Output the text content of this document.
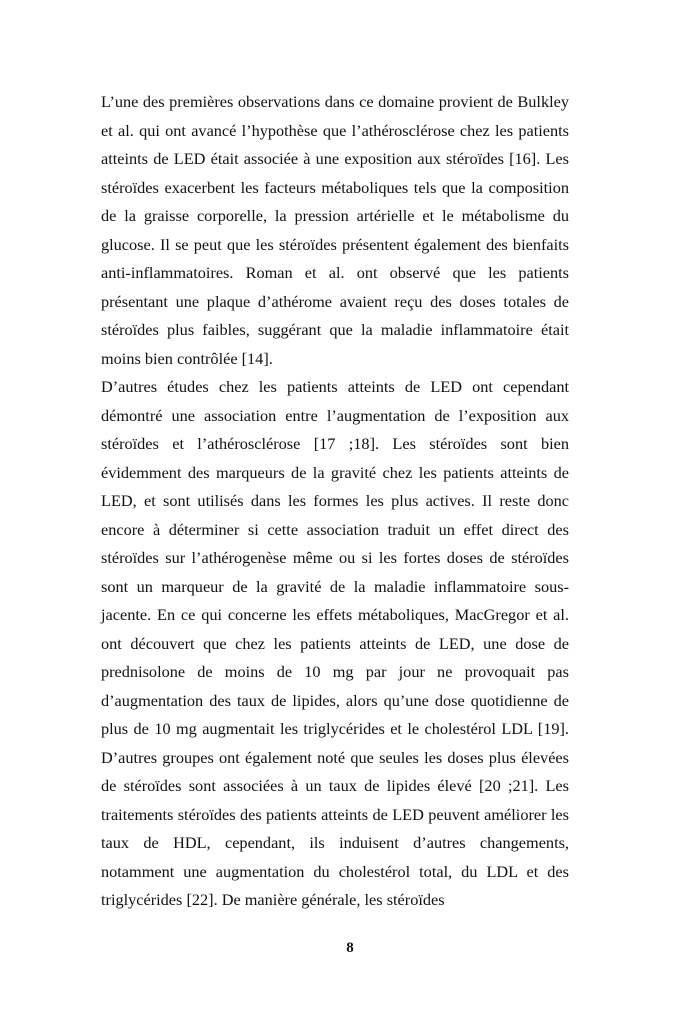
L’une des premières observations dans ce domaine provient de Bulkley et al. qui ont avancé l’hypothèse que l’athérosclérose chez les patients atteints de LED était associée à une exposition aux stéroïdes [16]. Les stéroïdes exacerbent les facteurs métaboliques tels que la composition de la graisse corporelle, la pression artérielle et le métabolisme du glucose. Il se peut que les stéroïdes présentent également des bienfaits anti-inflammatoires. Roman et al. ont observé que les patients présentant une plaque d’athérome avaient reçu des doses totales de stéroïdes plus faibles, suggérant que la maladie inflammatoire était moins bien contrôlée [14].

D’autres études chez les patients atteints de LED ont cependant démontré une association entre l’augmentation de l’exposition aux stéroïdes et l’athérosclérose [17 ;18]. Les stéroïdes sont bien évidemment des marqueurs de la gravité chez les patients atteints de LED, et sont utilisés dans les formes les plus actives. Il reste donc encore à déterminer si cette association traduit un effet direct des stéroïdes sur l’athérogenèse même ou si les fortes doses de stéroïdes sont un marqueur de la gravité de la maladie inflammatoire sous-jacente. En ce qui concerne les effets métaboliques, MacGregor et al. ont découvert que chez les patients atteints de LED, une dose de prednisolone de moins de 10 mg par jour ne provoquait pas d’augmentation des taux de lipides, alors qu’une dose quotidienne de plus de 10 mg augmentait les triglycérides et le cholestérol LDL [19]. D’autres groupes ont également noté que seules les doses plus élevées de stéroïdes sont associées à un taux de lipides élevé [20 ;21]. Les traitements stéroïdes des patients atteints de LED peuvent améliorer les taux de HDL, cependant, ils induisent d’autres changements, notamment une augmentation du cholestérol total, du LDL et des triglycérides [22]. De manière générale, les stéroïdes

8
